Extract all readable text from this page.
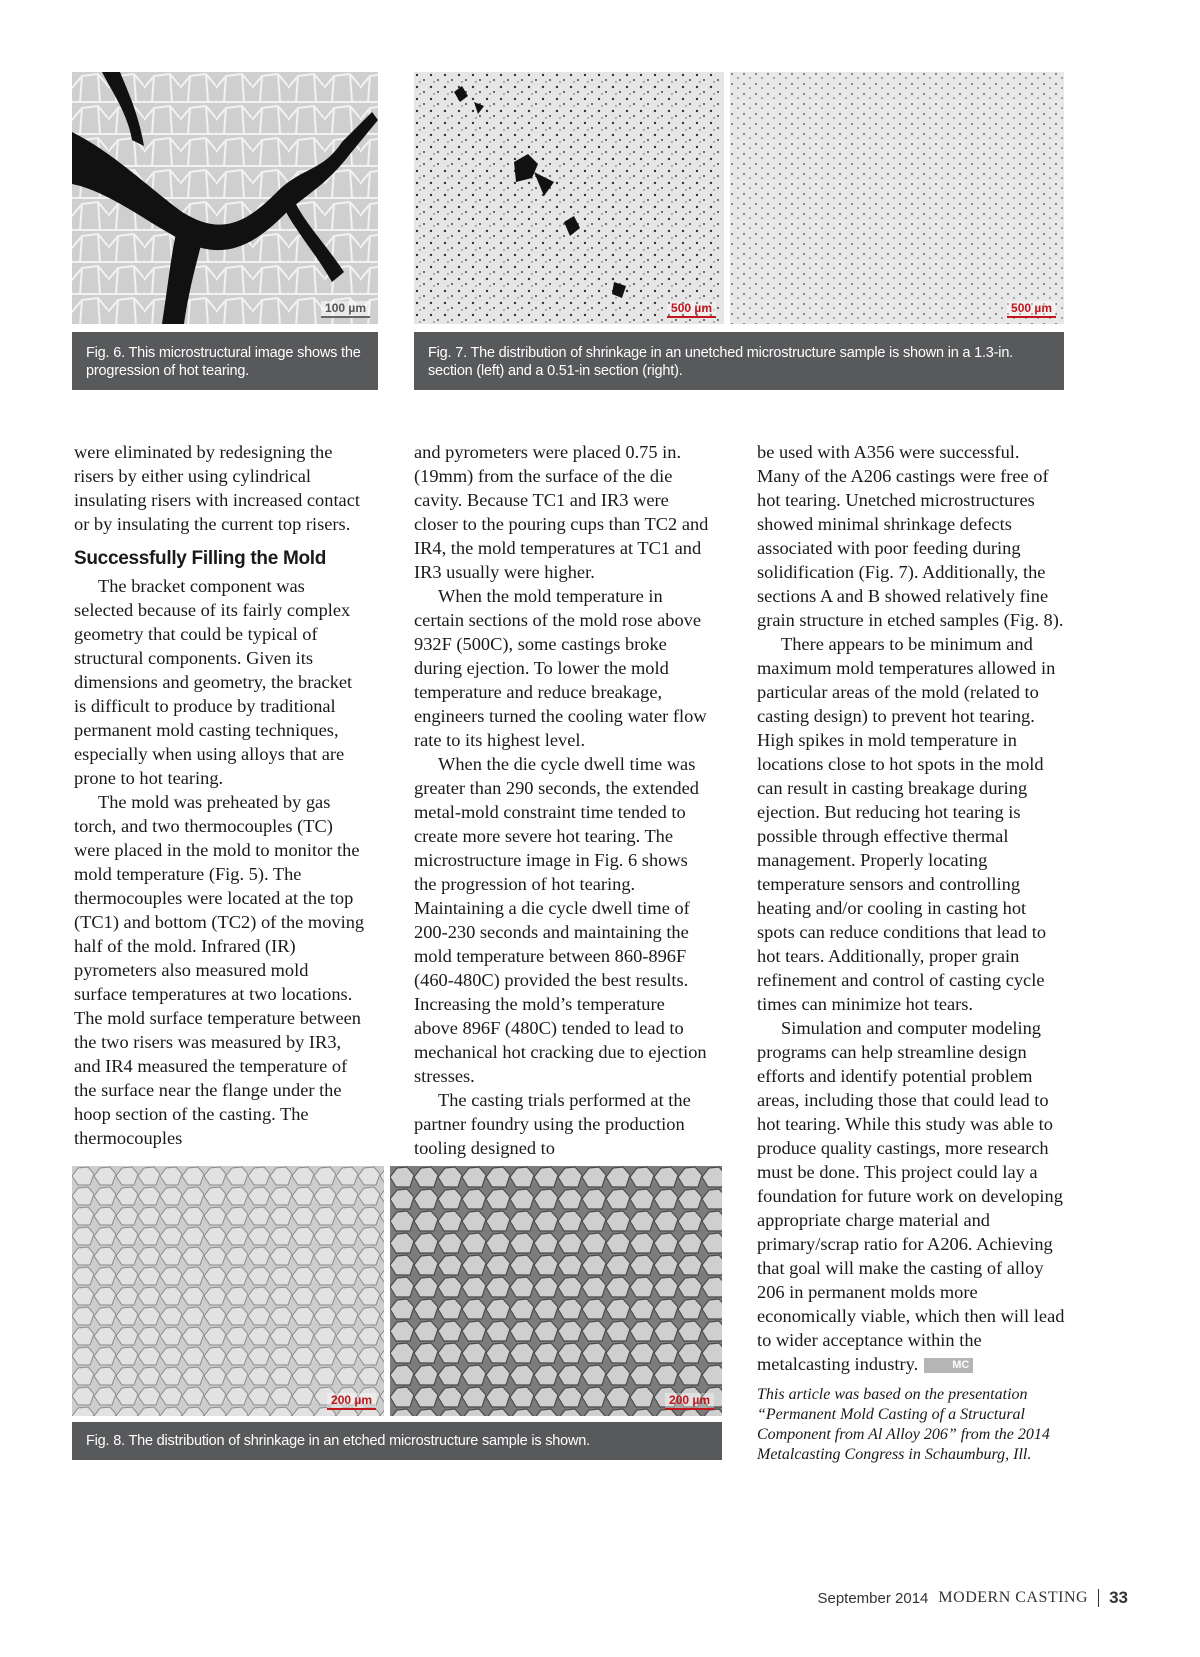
100 µm
Fig. 6. This microstructural image shows the progression of hot tearing.
500 µm	500 µm
Fig. 7. The distribution of shrinkage in an unetched microstructure sample is shown in a 1.3-in. section (left) and a 0.51-in section (right).

were eliminated by redesigning the risers by either using cylindrical insulating risers with increased contact or by insulating the current top risers.

Successfully Filling the Mold

The bracket component was selected because of its fairly complex geometry that could be typical of structural components. Given its dimensions and geometry, the bracket is difficult to produce by traditional permanent mold casting techniques, especially when using alloys that are prone to hot tearing.

The mold was preheated by gas torch, and two thermocouples (TC) were placed in the mold to monitor the mold temperature (Fig. 5). The thermocouples were located at the top (TC1) and bottom (TC2) of the moving half of the mold. Infrared (IR) pyrometers also measured mold surface temperatures at two locations. The mold surface temperature between the two risers was measured by IR3, and IR4 measured the temperature of the surface near the flange under the hoop section of the casting. The thermocouples

and pyrometers were placed 0.75 in. (19mm) from the surface of the die cavity. Because TC1 and IR3 were closer to the pouring cups than TC2 and IR4, the mold temperatures at TC1 and IR3 usually were higher.

When the mold temperature in certain sections of the mold rose above 932F (500C), some castings broke during ejection. To lower the mold temperature and reduce breakage, engineers turned the cooling water flow rate to its highest level.

When the die cycle dwell time was greater than 290 seconds, the extended metal-mold constraint time tended to create more severe hot tearing. The microstructure image in Fig. 6 shows the progression of hot tearing. Maintaining a die cycle dwell time of 200-230 seconds and maintaining the mold temperature between 860-896F (460-480C) provided the best results. Increasing the mold’s temperature above 896F (480C) tended to lead to mechanical hot cracking due to ejection stresses.

The casting trials performed at the partner foundry using the production tooling designed to

be used with A356 were successful. Many of the A206 castings were free of hot tearing. Unetched microstructures showed minimal shrinkage defects associated with poor feeding during solidification (Fig. 7). Additionally, the sections A and B showed relatively fine grain structure in etched samples (Fig. 8).

There appears to be minimum and maximum mold temperatures allowed in particular areas of the mold (related to casting design) to prevent hot tearing. High spikes in mold temperature in locations close to hot spots in the mold can result in casting breakage during ejection. But reducing hot tearing is possible through effective thermal management. Properly locating temperature sensors and controlling heating and/or cooling in casting hot spots can reduce conditions that lead to hot tears. Additionally, proper grain refinement and control of casting cycle times can minimize hot tears.

Simulation and computer modeling programs can help streamline design efforts and identify potential problem areas, including those that could lead to hot tearing. While this study was able to produce quality castings, more research must be done. This project could lay a foundation for future work on developing appropriate charge material and primary/scrap ratio for A206. Achieving that goal will make the casting of alloy 206 in permanent molds more economically viable, which then will lead to wider acceptance within the metalcasting industry.	MC

This article was based on the presentation “Permanent Mold Casting of a Structural Component from Al Alloy 206” from the 2014 Metalcasting Congress in Schaumburg, Ill.
200 µm	200 µm
Fig. 8. The distribution of shrinkage in an etched microstructure sample is shown.
September 2014 MODERN CASTING 33
